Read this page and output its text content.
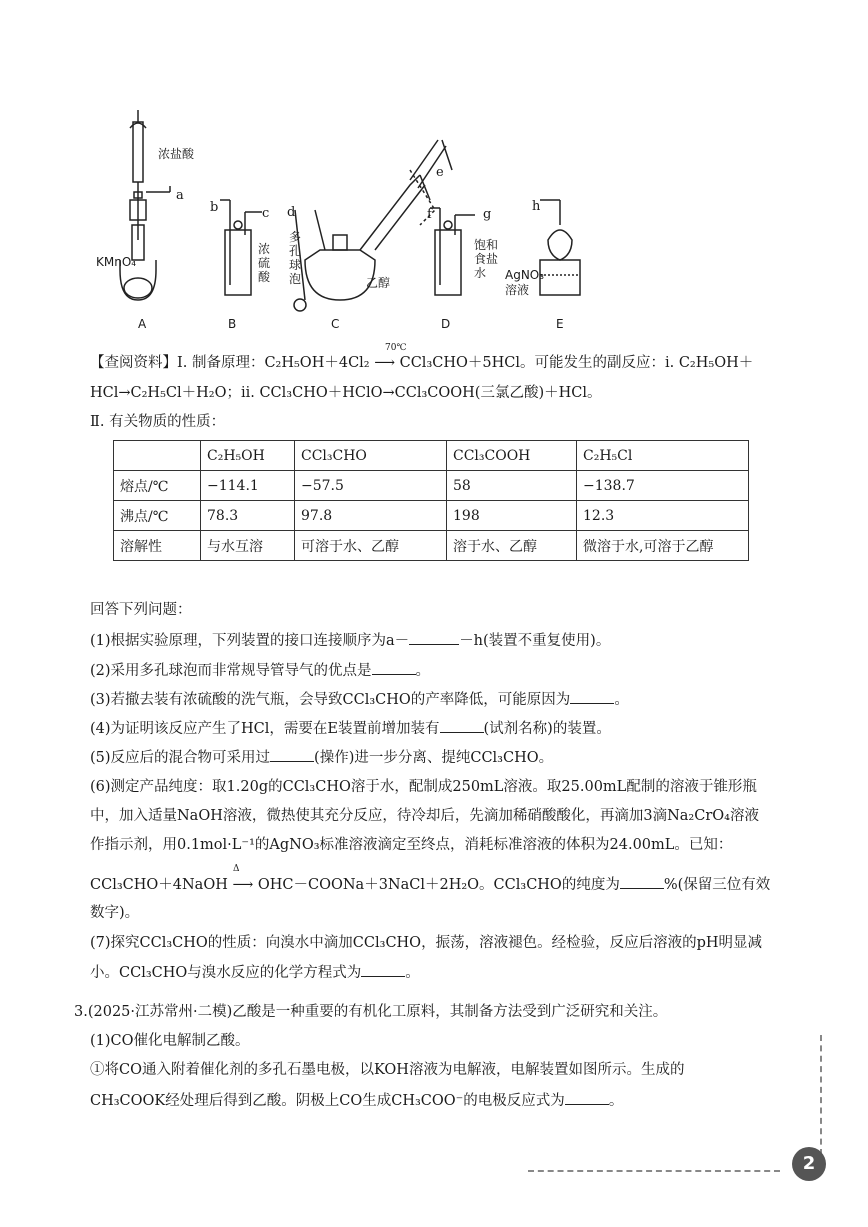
浓盐酸
a
KMnO₄
b	c
浓硫酸
d
e
多孔球泡	乙醇
f	g
饱和食盐水
h
AgNO₃溶液
A	B	C	D	E
70℃
【查阅资料】Ⅰ. 制备原理：C₂H₅OH＋4Cl₂ ⟶ CCl₃CHO＋5HCl。可能发生的副反应：i. C₂H₅OH＋
HCl→C₂H₅Cl＋H₂O；ii. CCl₃CHO＋HClO→CCl₃COOH(三氯乙酸)＋HCl。
Ⅱ. 有关物质的性质：
	C₂H₅OH	CCl₃CHO	CCl₃COOH	C₂H₅Cl
熔点/℃	−114.1	−57.5	58	−138.7
沸点/℃	78.3	97.8	198	12.3
溶解性	与水互溶	可溶于水、乙醇	溶于水、乙醇	微溶于水,可溶于乙醇
回答下列问题：
(1)根据实验原理，下列装置的接口连接顺序为a－	－h(装置不重复使用)。
(2)采用多孔球泡而非常规导管导气的优点是	。
(3)若撤去装有浓硫酸的洗气瓶，会导致CCl₃CHO的产率降低，可能原因为	。
(4)为证明该反应产生了HCl，需要在E装置前增加装有	(试剂名称)的装置。
(5)反应后的混合物可采用过	(操作)进一步分离、提纯CCl₃CHO。
(6)测定产品纯度：取1.20g的CCl₃CHO溶于水，配制成250mL溶液。取25.00mL配制的溶液于锥形瓶
中，加入适量NaOH溶液，微热使其充分反应，待冷却后，先滴加稀硝酸酸化，再滴加3滴Na₂CrO₄溶液
作指示剂，用0.1mol·L⁻¹的AgNO₃标准溶液滴定至终点，消耗标准溶液的体积为24.00mL。已知：
Δ
CCl₃CHO＋4NaOH ⟶ OHC－COONa＋3NaCl＋2H₂O。CCl₃CHO的纯度为	%(保留三位有效
数字)。
(7)探究CCl₃CHO的性质：向溴水中滴加CCl₃CHO，振荡，溶液褪色。经检验，反应后溶液的pH明显减
小。CCl₃CHO与溴水反应的化学方程式为	。
3.(2025·江苏常州·二模)乙酸是一种重要的有机化工原料，其制备方法受到广泛研究和关注。
(1)CO催化电解制乙酸。
①将CO通入附着催化剂的多孔石墨电极，以KOH溶液为电解液，电解装置如图所示。生成的
CH₃COOK经处理后得到乙酸。阴极上CO生成CH₃COO⁻的电极反应式为	。
2
